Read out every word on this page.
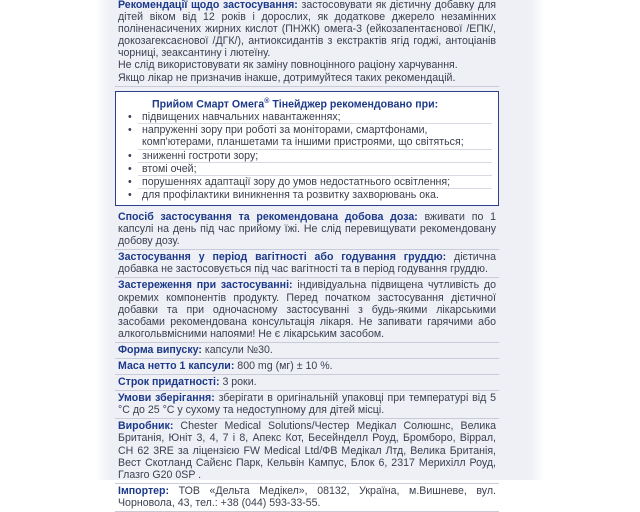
Рекомендації щодо застосування: застосовувати як дієтичну добавку для дітей віком від 12 років і дорослих, як додаткове джерело незамінних поліненасичених жирних кислот (ПНЖК) омега-3 (ейкозапентаєнової /ЕПК/, докозагексаєнової /ДГК/), антиоксидантів з екстрактів ягід годжі, антоціанів чорниці, зеаксантину і лютеїну.

Не слід використовувати як заміну повноцінного раціону харчування.

Якщо лікар не призначив інакше, дотримуйтеся таких рекомендацій.

Прийом Смарт Омега® Тінейджер рекомендовано при:
• підвищених навчальних навантаженнях;
• напруженні зору при роботі за моніторами, смартфонами, комп'ютерами, планшетами та іншими пристроями, що світяться;
• зниженні гостроти зору;
• втомі очей;
• порушеннях адаптації зору до умов недостатнього освітлення;
• для профілактики виникнення та розвитку захворювань ока.

Спосіб застосування та рекомендована добова доза: вживати по 1 капсулі на день під час прийому їжі. Не слід перевищувати рекомендовану добову дозу.

Застосування у період вагітності або годування груддю: дієтична добавка не застосовується під час вагітності та в період годування груддю.

Застереження при застосуванні: індивідуальна підвищена чутливість до окремих компонентів продукту. Перед початком застосування дієтичної добавки та при одночасному застосуванні з будь-якими лікарськими засобами рекомендована консультація лікаря. Не запивати гарячими або алкогольвмісними напоями! Не є лікарським засобом.

Форма випуску: капсули №30.

Маса нетто 1 капсули: 800 mg (мг) ± 10 %.

Строк придатності: 3 роки.

Умови зберігання: зберігати в оригінальній упаковці при температурі від 5 °С до 25 °С у сухому та недоступному для дітей місці.

Виробник: Chester Medical Solutions/Честер Медікал Солюшнс, Велика Британія, Юніт 3, 4, 7 і 8, Апекс Кот, Бесейнделл Роуд, Бромборо, Віррал, CH 62 3RE за ліцензією FW Medical Ltd/ФВ Медікал Лтд, Велика Британія, Вест Скотланд Сайєнс Парк, Кельвін Кампус, Блок 6, 2317 Мерихілл Роуд, Глазго G20 0SP .

Імпортер: ТОВ «Дельта Медікел», 08132, Україна, м.Вишневе, вул. Чорновола, 43, тел.: +38 (044) 593-33-55.
